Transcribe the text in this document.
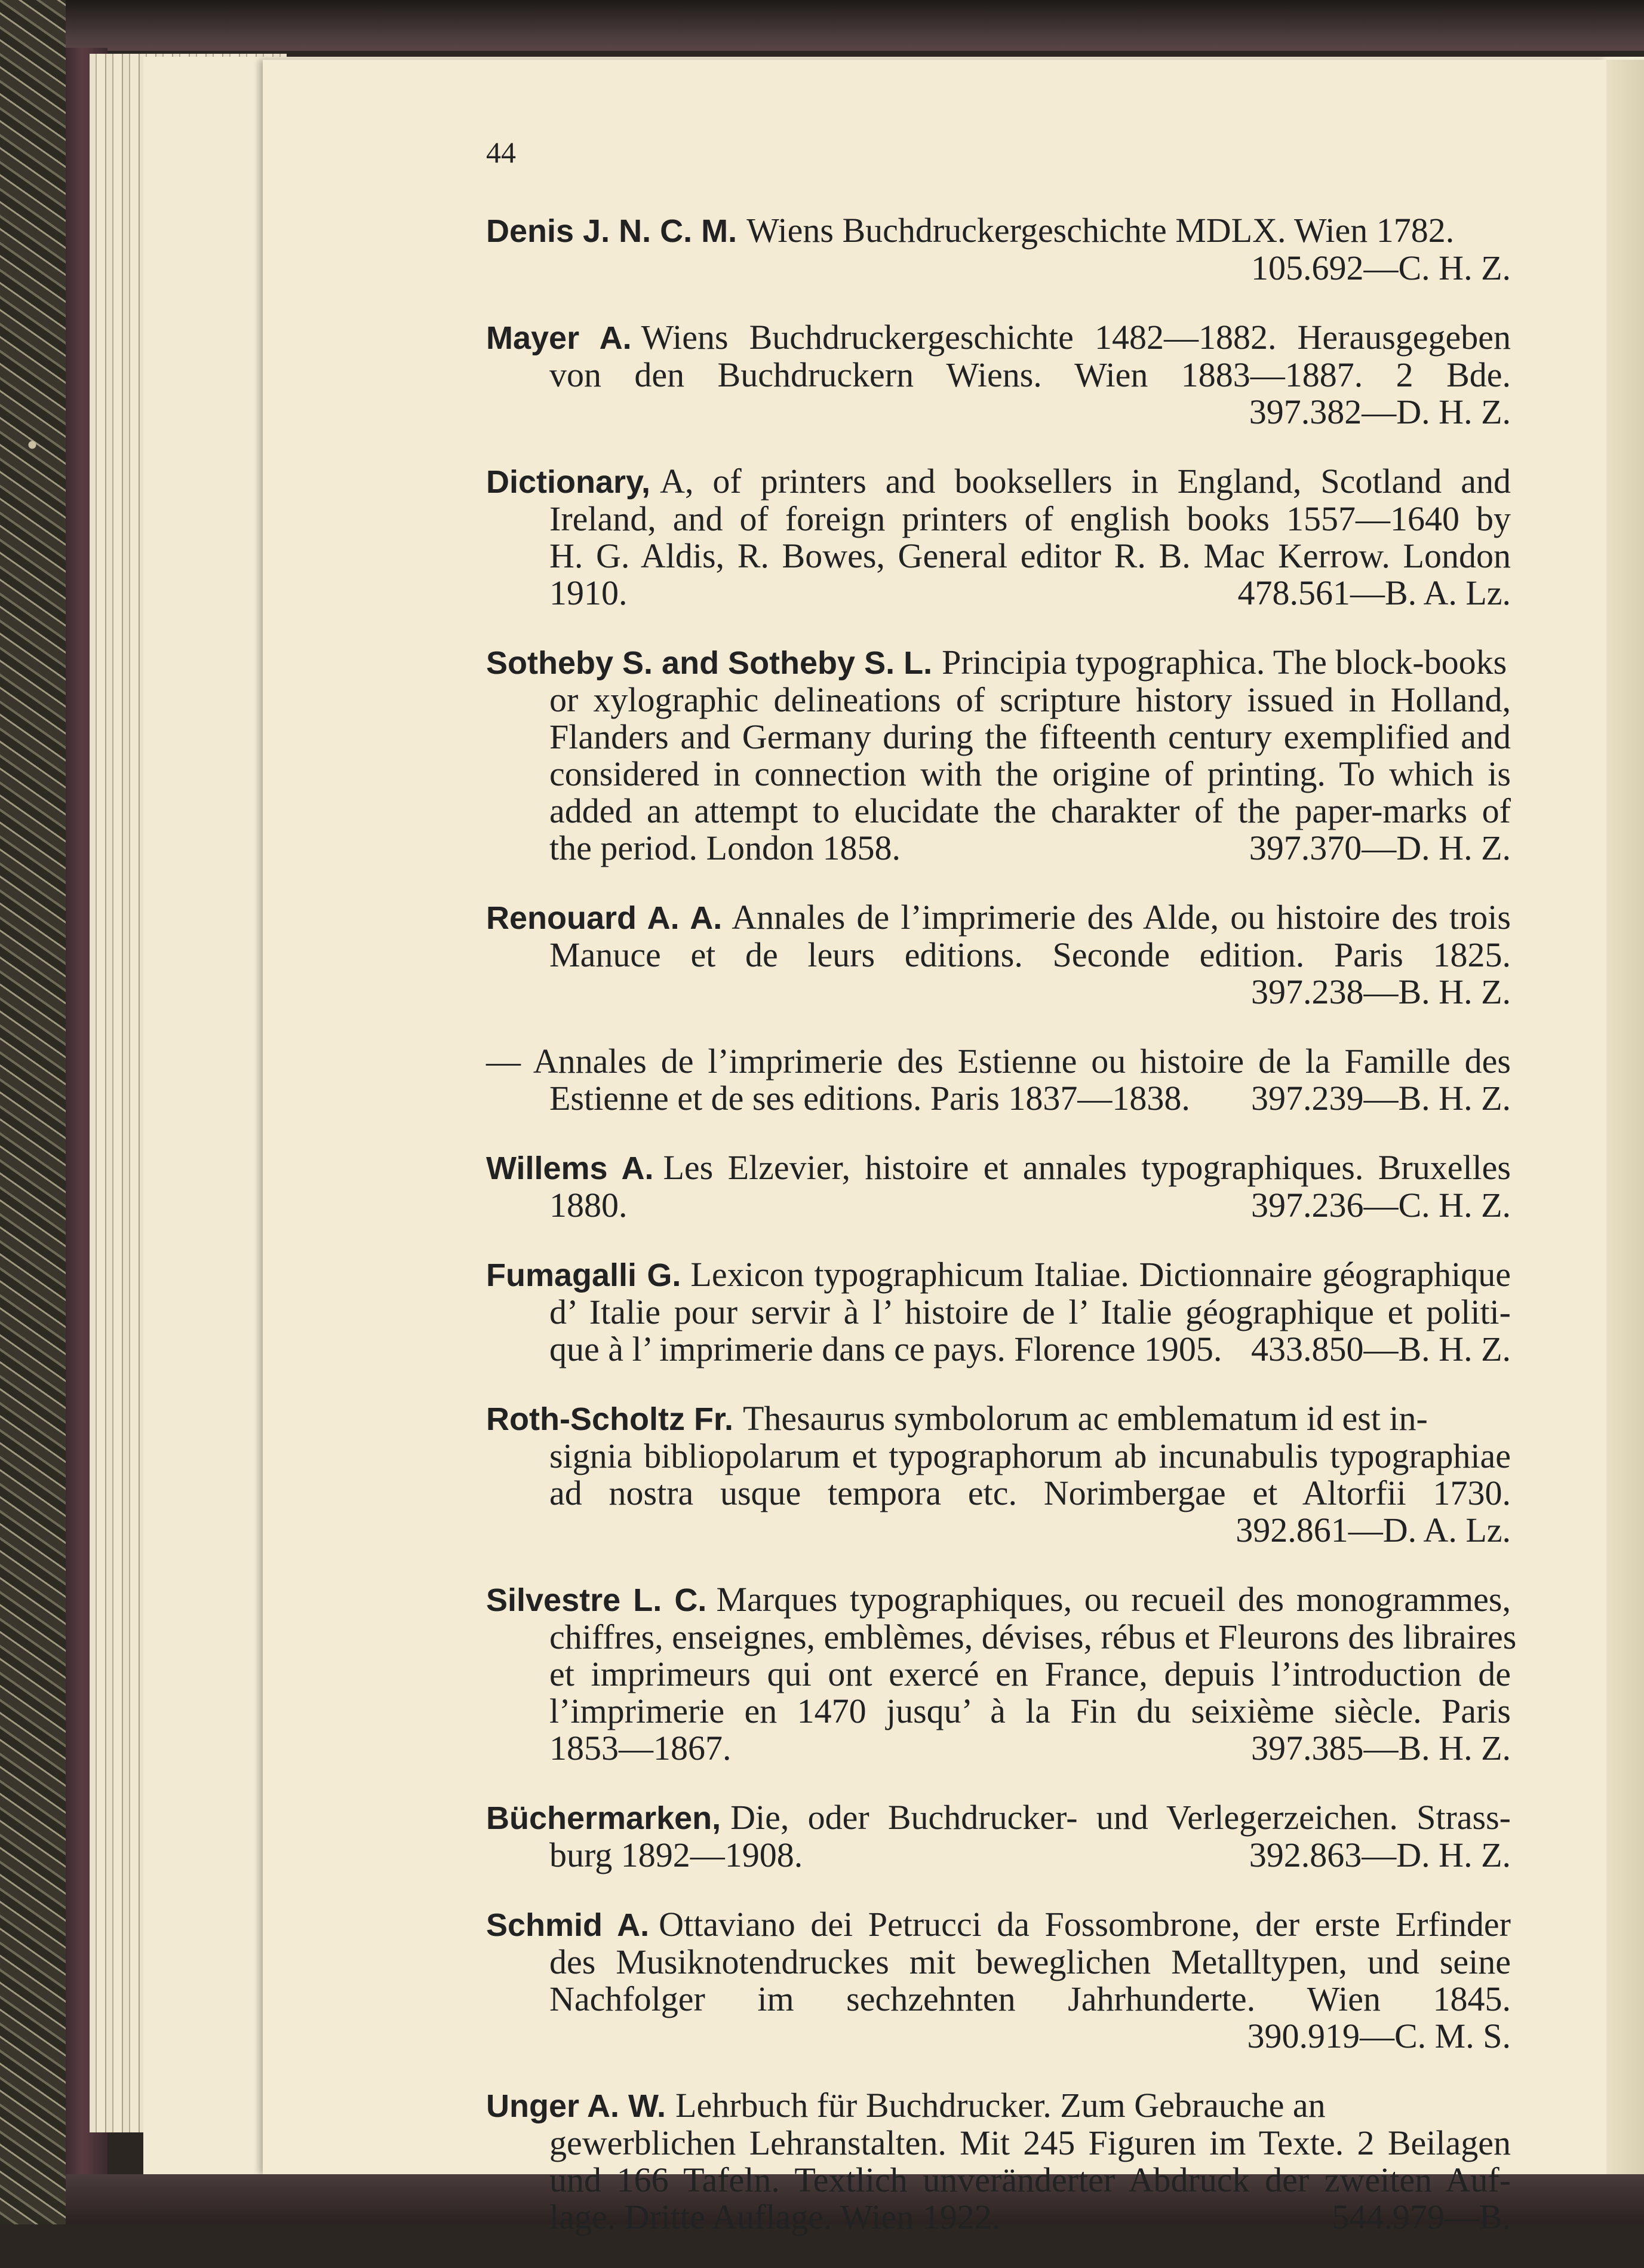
44
Denis J. N. C. M. Wiens Buchdruckergeschichte MDLX. Wien 1782.
105.692—C. H. Z.
Mayer A. Wiens Buchdruckergeschichte 1482—1882. Herausgegeben
von den Buchdruckern Wiens. Wien 1883—1887. 2 Bde.
397.382—D. H. Z.
Dictionary, A, of printers and booksellers in England, Scotland and
Ireland, and of foreign printers of english books 1557—1640 by
H. G. Aldis, R. Bowes, General editor R. B. Mac Kerrow. London
1910.	478.561—B. A. Lz.
Sotheby S. and Sotheby S. L. Principia typographica. The block-books
or xylographic delineations of scripture history issued in Holland,
Flanders and Germany during the fifteenth century exemplified and
considered in connection with the origine of printing. To which is
added an attempt to elucidate the charakter of the paper-marks of
the period. London 1858.	397.370—D. H. Z.
Renouard A. A. Annales de l’imprimerie des Alde, ou histoire des trois
Manuce et de leurs editions. Seconde edition. Paris 1825.
397.238—B. H. Z.
— Annales de l’imprimerie des Estienne ou histoire de la Famille des
Estienne et de ses editions. Paris 1837—1838. 397.239—B. H. Z.
Willems A. Les Elzevier, histoire et annales typographiques. Bruxelles
1880.	397.236—C. H. Z.
Fumagalli G. Lexicon typographicum Italiae. Dictionnaire géographique
d’ Italie pour servir à l’ histoire de l’ Italie géographique et politi-
que à l’ imprimerie dans ce pays. Florence 1905. 433.850—B. H. Z.
Roth-Scholtz Fr. Thesaurus symbolorum ac emblematum id est in-
signia bibliopolarum et typographorum ab incunabulis typographiae
ad nostra usque tempora etc. Norimbergae et Altorfii 1730.
392.861—D. A. Lz.
Silvestre L. C. Marques typographiques, ou recueil des monogrammes,
chiffres, enseignes, emblèmes, dévises, rébus et Fleurons des libraires
et imprimeurs qui ont exercé en France, depuis l’introduction de
l’imprimerie en 1470 jusqu’ à la Fin du seixième siècle. Paris
1853—1867.	397.385—B. H. Z.
Büchermarken, Die, oder Buchdrucker- und Verlegerzeichen. Strass-
burg 1892—1908.	392.863—D. H. Z.
Schmid A. Ottaviano dei Petrucci da Fossombrone, der erste Erfinder
des Musiknotendruckes mit beweglichen Metalltypen, und seine
Nachfolger im sechzehnten Jahrhunderte. Wien 1845.
390.919—C. M. S.
Unger A. W. Lehrbuch für Buchdrucker. Zum Gebrauche an
gewerblichen Lehranstalten. Mit 245 Figuren im Texte. 2 Beilagen
und 166 Tafeln. Textlich unveränderter Abdruck der zweiten Auf-
lage. Dritte Auflage. Wien 1922.	544.979—B.
